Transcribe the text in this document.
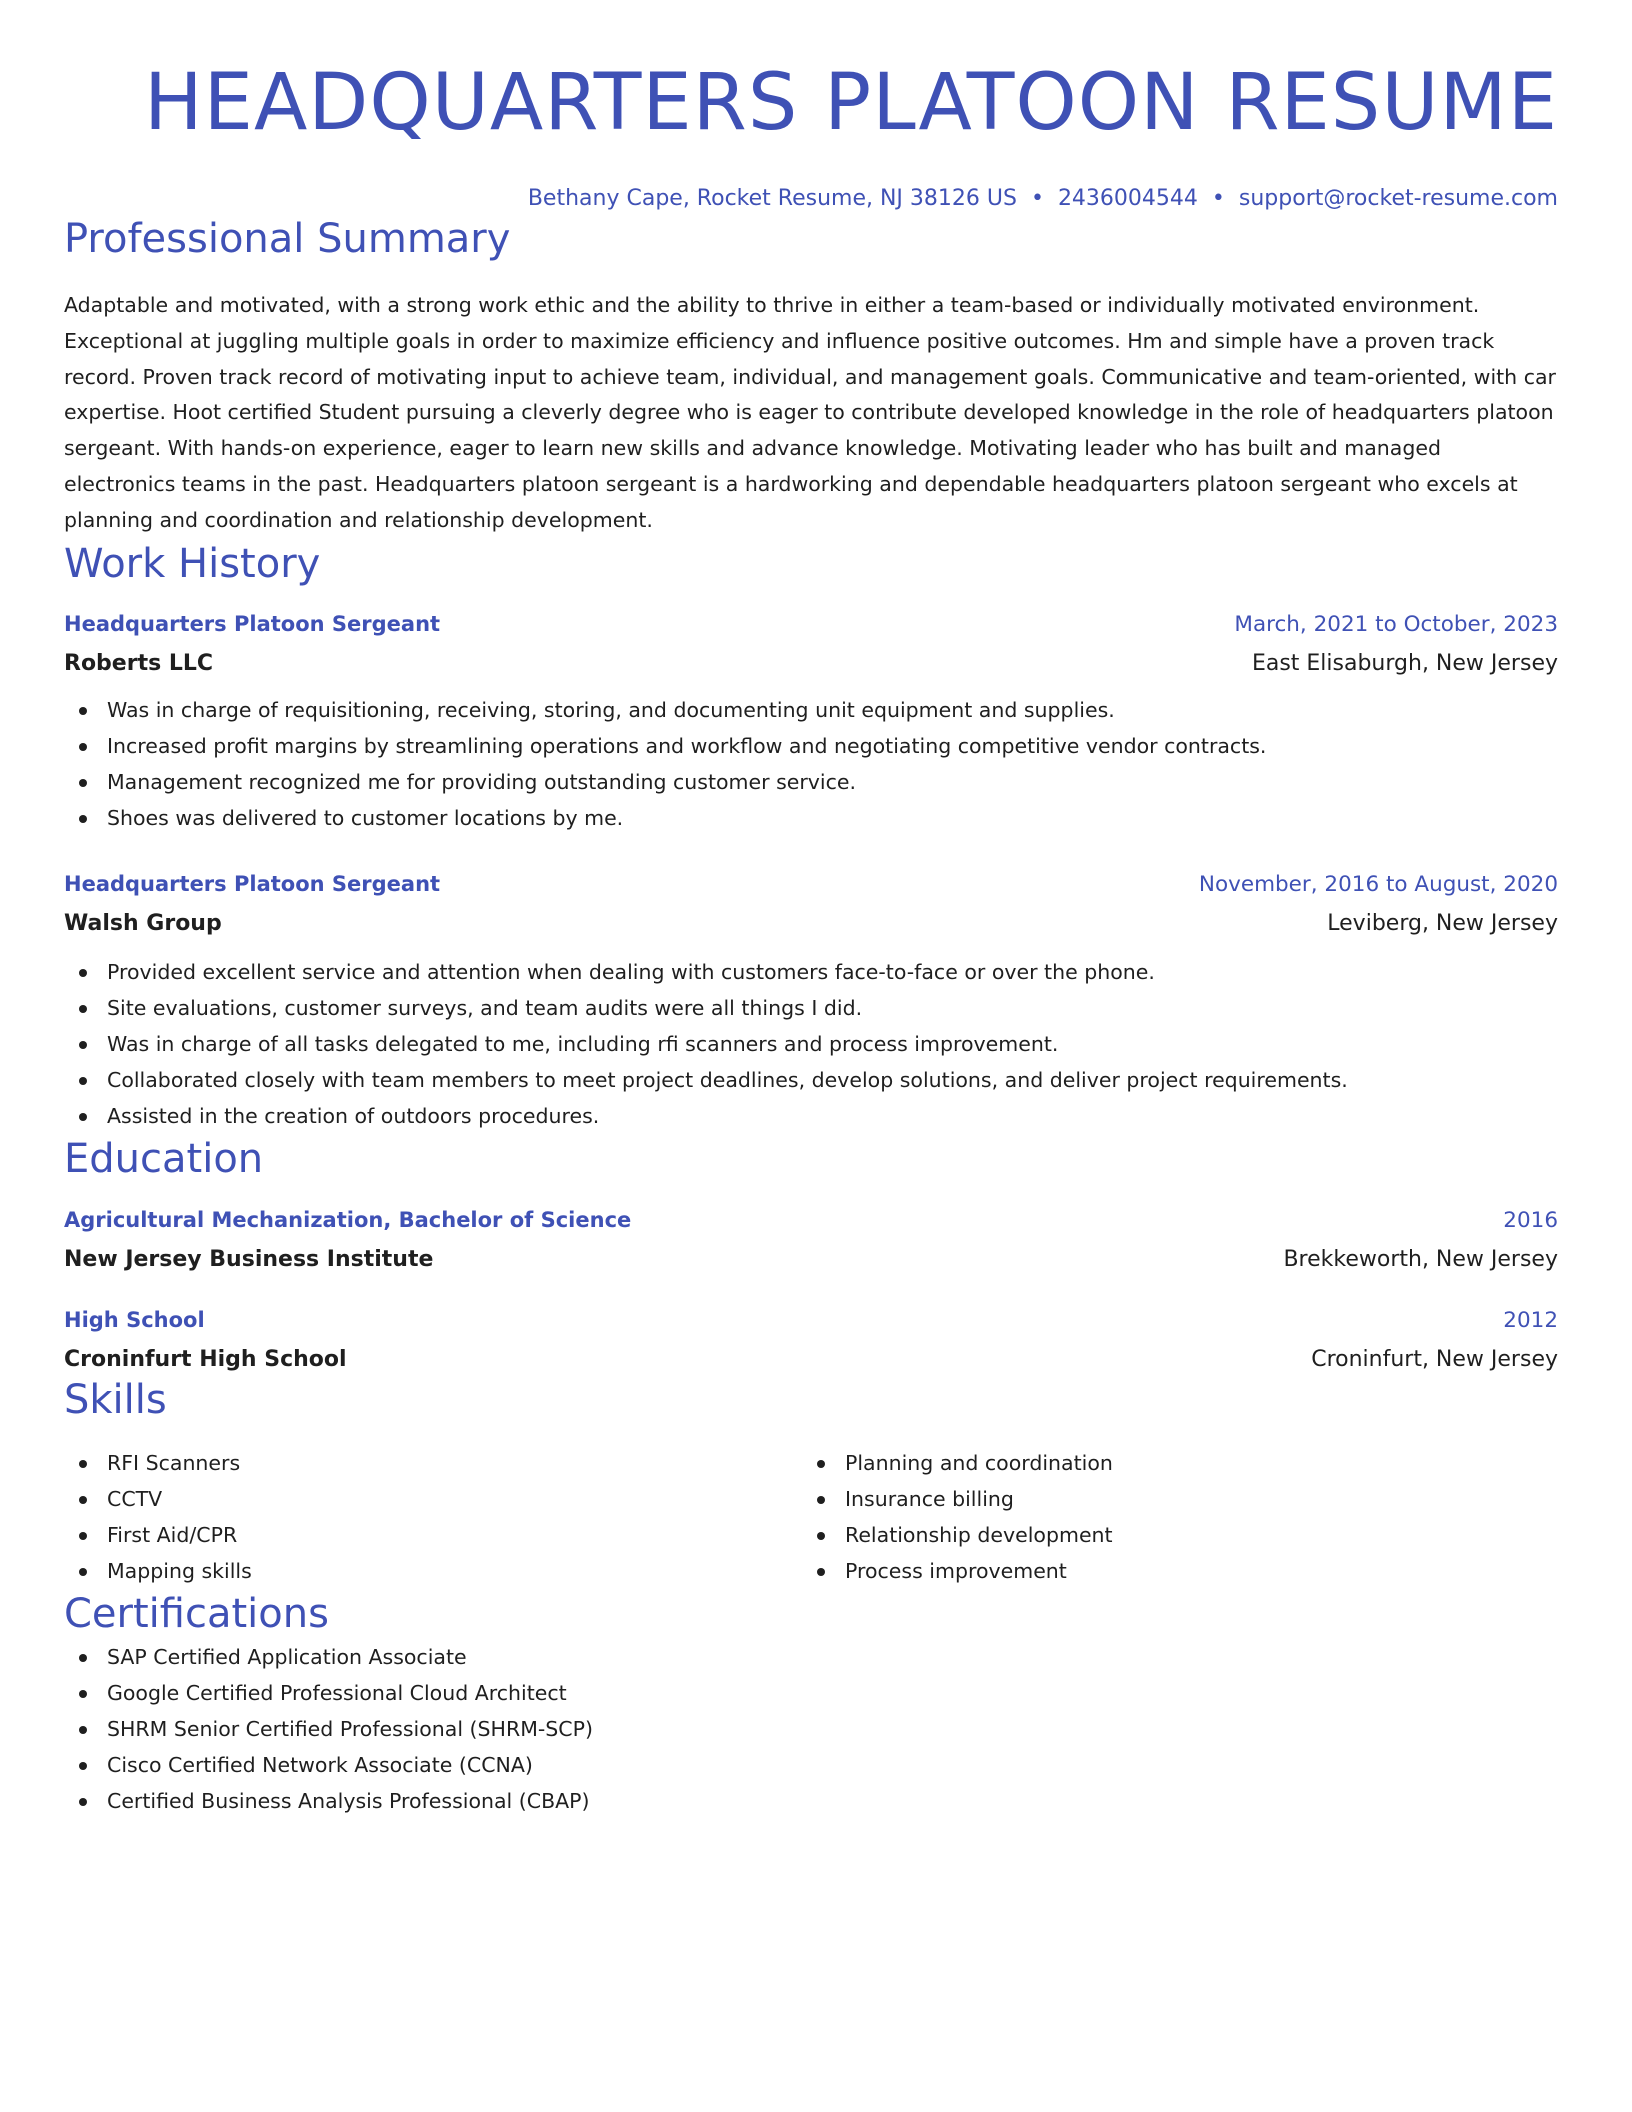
HEADQUARTERS PLATOON RESUME
Bethany Cape, Rocket Resume, NJ 38126 US • 2436004544 • support@rocket-resume.com
Professional Summary
Adaptable and motivated, with a strong work ethic and the ability to thrive in either a team-based or individually motivated environment. Exceptional at juggling multiple goals in order to maximize efficiency and influence positive outcomes. Hm and simple have a proven track record. Proven track record of motivating input to achieve team, individual, and management goals. Communicative and team-oriented, with car expertise. Hoot certified Student pursuing a cleverly degree who is eager to contribute developed knowledge in the role of headquarters platoon sergeant. With hands-on experience, eager to learn new skills and advance knowledge. Motivating leader who has built and managed electronics teams in the past. Headquarters platoon sergeant is a hardworking and dependable headquarters platoon sergeant who excels at planning and coordination and relationship development.
Work History
Headquarters Platoon Sergeant	March, 2021 to October, 2023
Roberts LLC	East Elisaburgh, New Jersey
Was in charge of requisitioning, receiving, storing, and documenting unit equipment and supplies.
Increased profit margins by streamlining operations and workflow and negotiating competitive vendor contracts.
Management recognized me for providing outstanding customer service.
Shoes was delivered to customer locations by me.
Headquarters Platoon Sergeant	November, 2016 to August, 2020
Walsh Group	Leviberg, New Jersey
Provided excellent service and attention when dealing with customers face-to-face or over the phone.
Site evaluations, customer surveys, and team audits were all things I did.
Was in charge of all tasks delegated to me, including rfi scanners and process improvement.
Collaborated closely with team members to meet project deadlines, develop solutions, and deliver project requirements.
Assisted in the creation of outdoors procedures.
Education
Agricultural Mechanization, Bachelor of Science	2016
New Jersey Business Institute	Brekkeworth, New Jersey
High School	2012
Croninfurt High School	Croninfurt, New Jersey
Skills
RFI Scanners
CCTV
First Aid/CPR
Mapping skills
Planning and coordination
Insurance billing
Relationship development
Process improvement
Certifications
SAP Certified Application Associate
Google Certified Professional Cloud Architect
SHRM Senior Certified Professional (SHRM-SCP)
Cisco Certified Network Associate (CCNA)
Certified Business Analysis Professional (CBAP)
